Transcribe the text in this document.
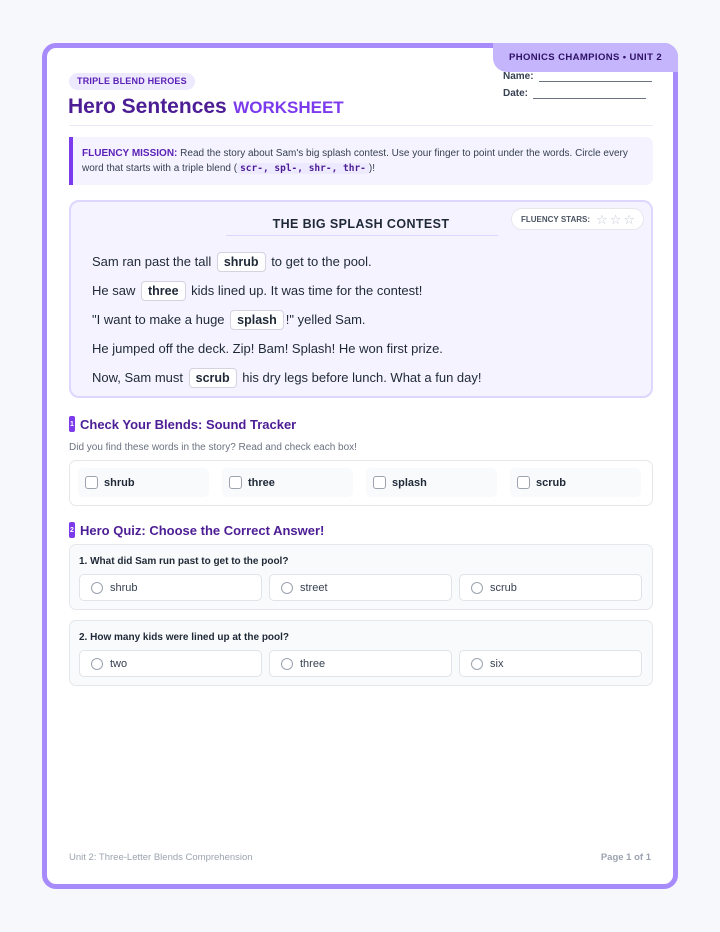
PHONICS CHAMPIONS • UNIT 2
TRIPLE BLEND HEROES
Hero Sentences WORKSHEET
Name:
Date:
FLUENCY MISSION: Read the story about Sam's big splash contest. Use your finger to point under the words. Circle every word that starts with a triple blend ( scr-, spl-, shr-, thr- )!
THE BIG SPLASH CONTEST	FLUENCY STARS: ☆ ☆ ☆
Sam ran past the tall shrub to get to the pool.
He saw three kids lined up. It was time for the contest!
"I want to make a huge splash !" yelled Sam.
He jumped off the deck. Zip! Bam! Splash! He won first prize.
Now, Sam must scrub his dry legs before lunch. What a fun day!
1 Check Your Blends: Sound Tracker
Did you find these words in the story? Read and check each box!
shrub	three	splash	scrub
2 Hero Quiz: Choose the Correct Answer!
1. What did Sam run past to get to the pool?
shrub	street	scrub
2. How many kids were lined up at the pool?
two	three	six
Unit 2: Three-Letter Blends Comprehension	Page 1 of 1
